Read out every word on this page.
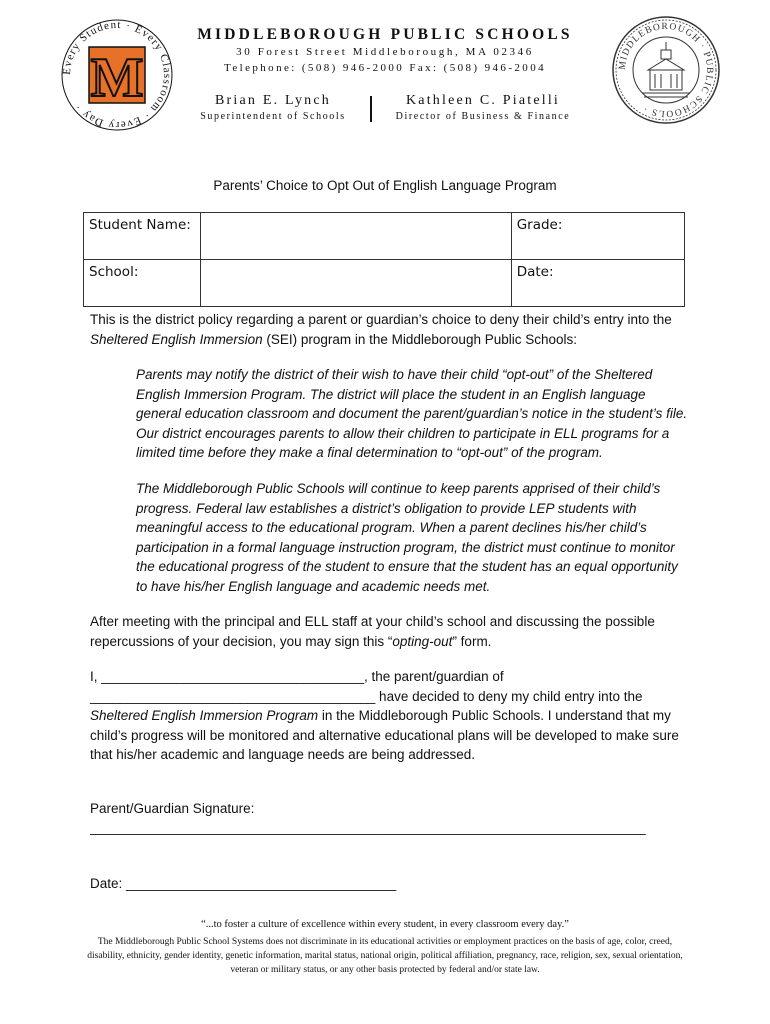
Every Student · Every Classroom · Every Day · M	MIDDLEBOROUGH · PUBLIC SCHOOLS ·
MIDDLEBOROUGH PUBLIC SCHOOLS
30 Forest Street Middleborough, MA 02346
Telephone: (508) 946-2000 Fax: (508) 946-2004
Brian E. Lynch
Superintendent of Schools
Kathleen C. Piatelli
Director of Business & Finance
Parents’ Choice to Opt Out of English Language Program
Student Name:		Grade:
School:		Date:
This is the district policy regarding a parent or guardian’s choice to deny their child’s entry into the Sheltered English Immersion (SEI) program in the Middleborough Public Schools:
Parents may notify the district of their wish to have their child “opt-out” of the Sheltered English Immersion Program. The district will place the student in an English language general education classroom and document the parent/guardian’s notice in the student’s file. Our district encourages parents to allow their children to participate in ELL programs for a limited time before they make a final determination to “opt-out” of the program.
The Middleborough Public Schools will continue to keep parents apprised of their child’s progress. Federal law establishes a district’s obligation to provide LEP students with meaningful access to the educational program. When a parent declines his/her child’s participation in a formal language instruction program, the district must continue to monitor the educational progress of the student to ensure that the student has an equal opportunity to have his/her English language and academic needs met.
After meeting with the principal and ELL staff at your child’s school and discussing the possible repercussions of your decision, you may sign this “opting-out” form.
I, ___________________________________, the parent/guardian of
______________________________________ have decided to deny my child entry into the
Sheltered English Immersion Program in the Middleborough Public Schools. I understand that my child’s progress will be monitored and alternative educational plans will be developed to make sure that his/her academic and language needs are being addressed.
Parent/Guardian Signature:
__________________________________________________________________________
Date: ____________________________________
“...to foster a culture of excellence within every student, in every classroom every day.”
The Middleborough Public School Systems does not discriminate in its educational activities or employment practices on the basis of age, color, creed, disability, ethnicity, gender identity, genetic information, marital status, national origin, political affiliation, pregnancy, race, religion, sex, sexual orientation, veteran or military status, or any other basis protected by federal and/or state law.
